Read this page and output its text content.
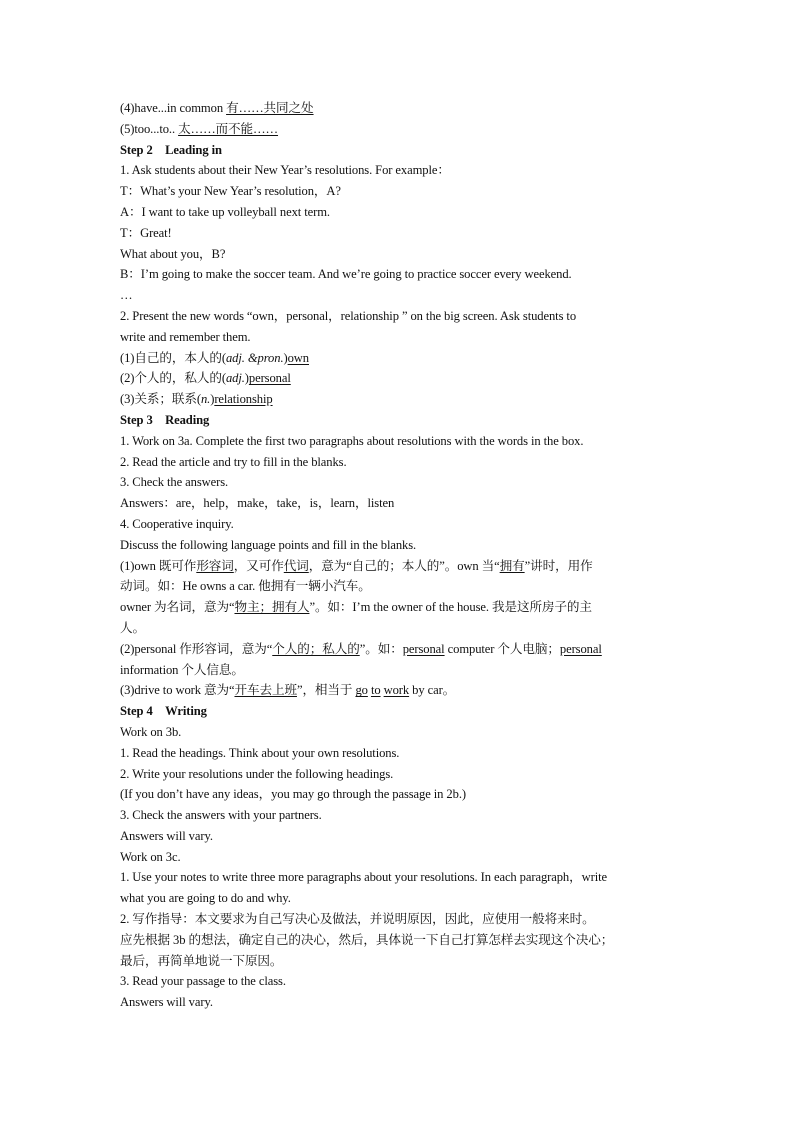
(4)have...in common 有……共同之处
(5)too...to.. 太……而不能……
Step 2　Leading in
1. Ask students about their New Year’s resolutions. For example：
T：What’s your New Year’s resolution，A?
A：I want to take up volleyball next term.
T：Great!
What about you，B?
B：I’m going to make the soccer team. And we’re going to practice soccer every weekend.
…
2. Present the new words “own，personal，relationship ” on the big screen. Ask students to
write and remember them.
(1)自己的，本人的(adj. &pron.)own
(2)个人的，私人的(adj.)personal
(3)关系；联系(n.)relationship
Step 3　Reading
1. Work on 3a. Complete the first two paragraphs about resolutions with the words in the box.
2. Read the article and try to fill in the blanks.
3. Check the answers.
Answers：are，help，make，take，is，learn，listen
4. Cooperative inquiry.
Discuss the following language points and fill in the blanks.
(1)own 既可作形容词，又可作代词，意为“自己的；本人的”。own 当“拥有”讲时，用作
动词。如：He owns a car. 他拥有一辆小汽车。
owner 为名词，意为“物主；拥有人”。如：I’m the owner of the house. 我是这所房子的主
人。
(2)personal 作形容词，意为“个人的；私人的”。如：personal computer 个人电脑；personal
information 个人信息。
(3)drive to work 意为“开车去上班”，相当于 go to work by car。
Step 4　Writing
Work on 3b.
1. Read the headings. Think about your own resolutions.
2. Write your resolutions under the following headings.
(If you don’t have any ideas，you may go through the passage in 2b.)
3. Check the answers with your partners.
Answers will vary.
Work on 3c.
1. Use your notes to write three more paragraphs about your resolutions. In each paragraph，write
what you are going to do and why.
2. 写作指导：本文要求为自己写决心及做法，并说明原因，因此，应使用一般将来时。
应先根据 3b 的想法，确定自己的决心，然后，具体说一下自己打算怎样去实现这个决心；
最后，再简单地说一下原因。
3. Read your passage to the class.
Answers will vary.
